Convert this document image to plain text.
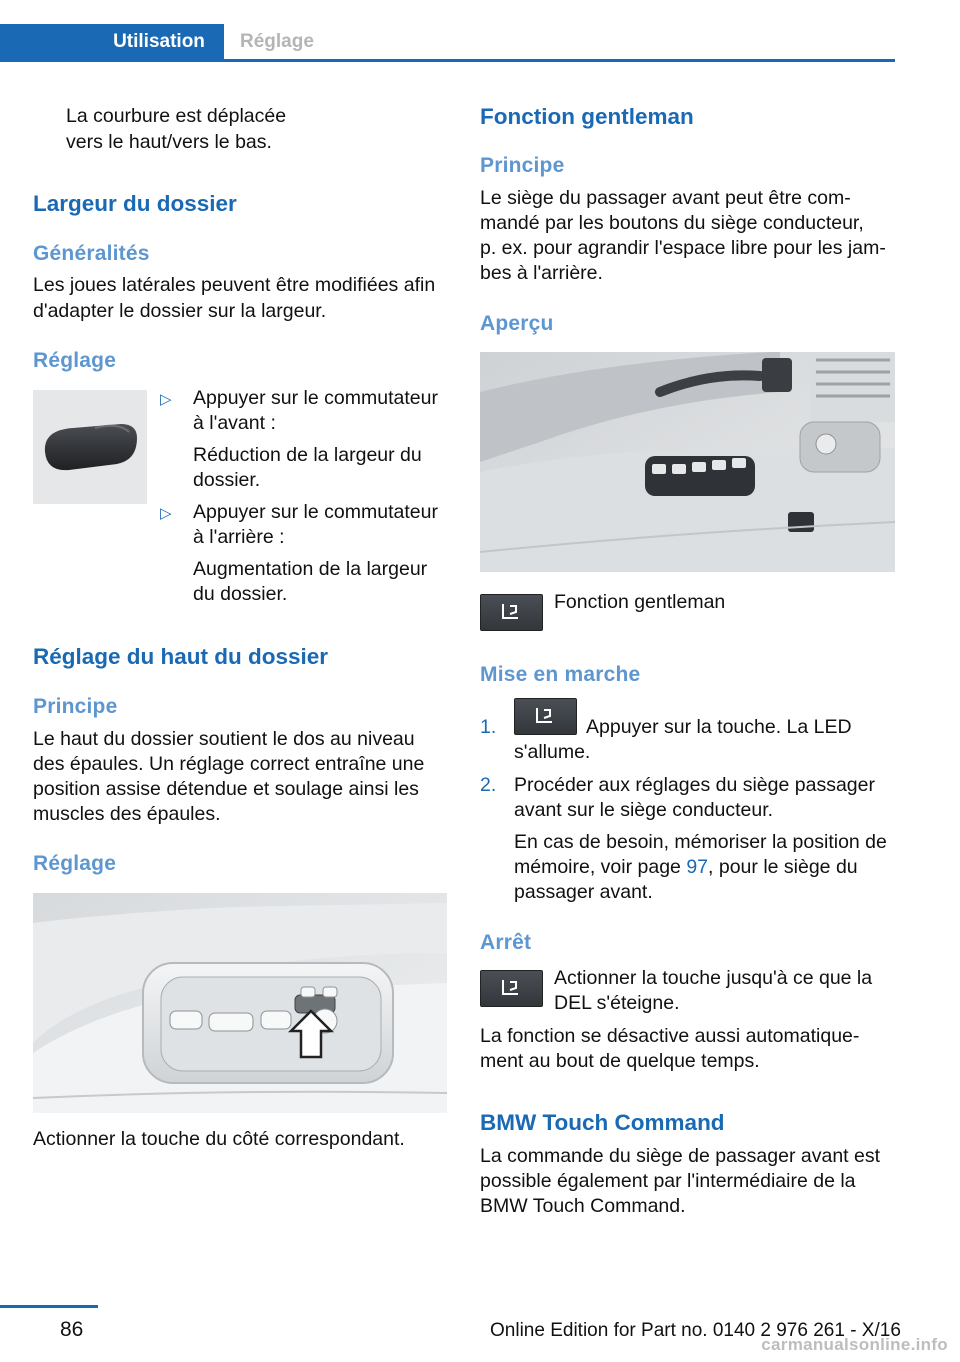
Utilisation	Réglage
La courbure est déplacée
vers le haut/vers le bas.
Largeur du dossier
Généralités
Les joues latérales peuvent être modifiées afin
d'adapter le dossier sur la largeur.
Réglage
▷ Appuyer sur le commutateur
à l'avant :
Réduction de la largeur du
dossier.
▷ Appuyer sur le commutateur
à l'arrière :
Augmentation de la largeur
du dossier.
Réglage du haut du dossier
Principe
Le haut du dossier soutient le dos au niveau
des épaules. Un réglage correct entraîne une
position assise détendue et soulage ainsi les
muscles des épaules.
Réglage
Actionner la touche du côté correspondant.
Fonction gentleman
Principe
Le siège du passager avant peut être com‐
mandé par les boutons du siège conducteur,
p. ex. pour agrandir l'espace libre pour les jam‐
bes à l'arrière.
Aperçu
Fonction gentleman
Mise en marche
1.	Appuyer sur la touche. La LED
s'allume.
2. Procéder aux réglages du siège passager
avant sur le siège conducteur.
En cas de besoin, mémoriser la position de
mémoire, voir page 97, pour le siège du
passager avant.
Arrêt
Actionner la touche jusqu'à ce que la
DEL s'éteigne.
La fonction se désactive aussi automatique‐
ment au bout de quelque temps.
BMW Touch Command
La commande du siège de passager avant est
possible également par l'intermédiaire de la
BMW Touch Command.
86	Online Edition for Part no. 0140 2 976 261 - X/16
carmanualsonline.info
